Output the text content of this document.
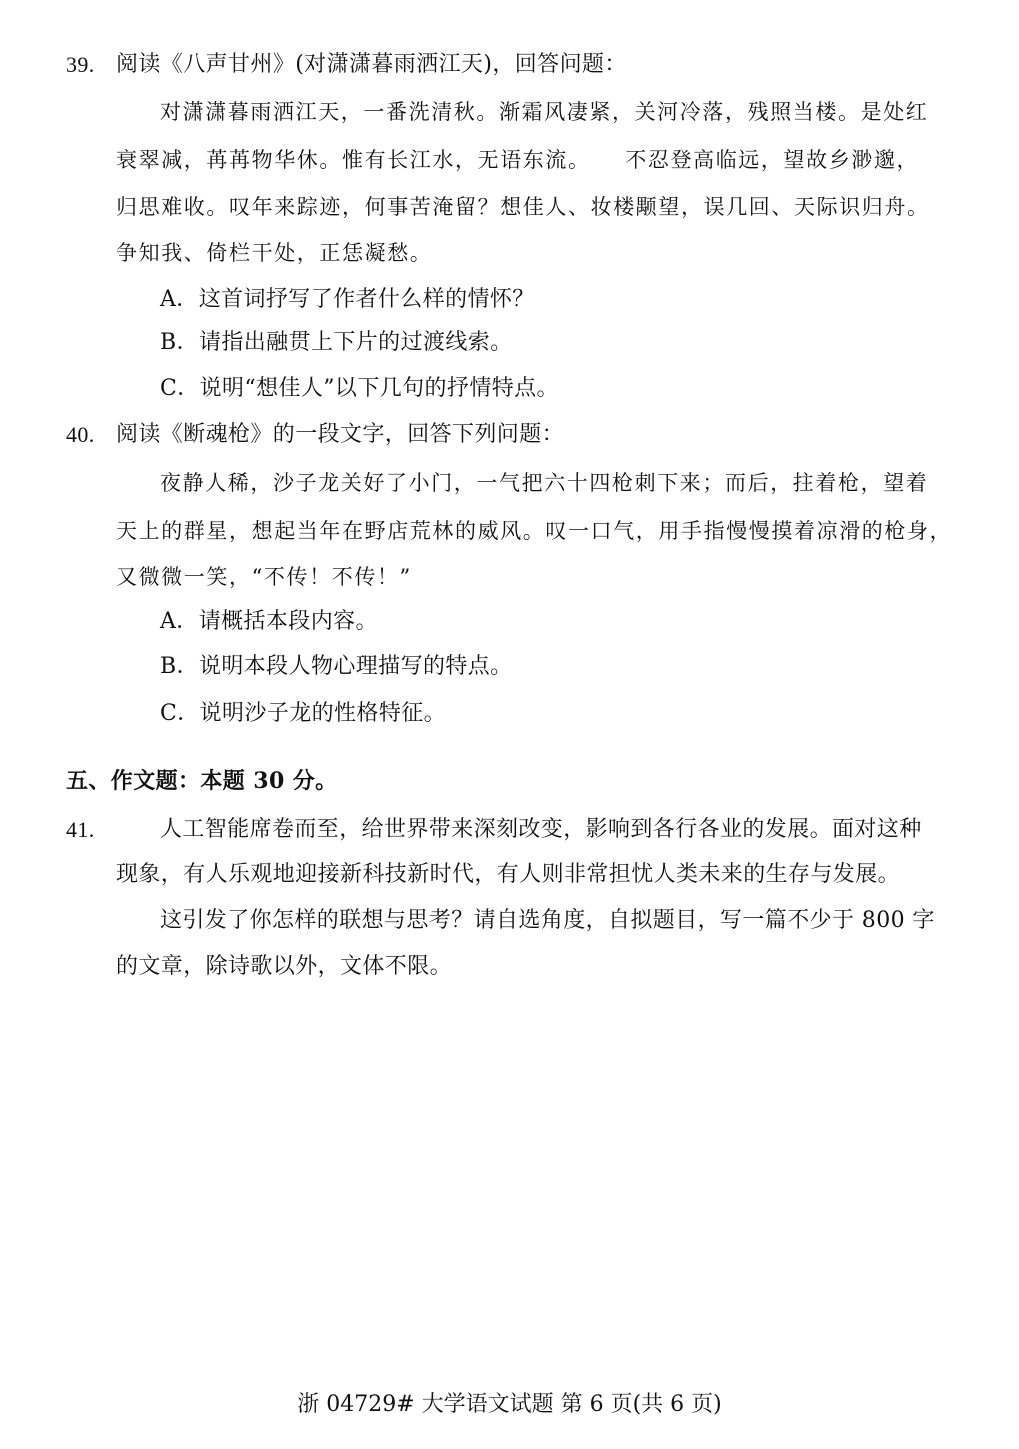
39. 阅读《八声甘州》(对潇潇暮雨洒江天)，回答问题：
对潇潇暮雨洒江天，一番洗清秋。渐霜风凄紧，关河冷落，残照当楼。是处红
衰翠减，苒苒物华休。惟有长江水，无语东流。　　不忍登高临远，望故乡渺邈，
归思难收。叹年来踪迹，何事苦淹留？想佳人、妆楼颙望，误几回、天际识归舟。
争知我、倚栏干处，正恁凝愁。
A．这首词抒写了作者什么样的情怀？
B．请指出融贯上下片的过渡线索。
C．说明“想佳人”以下几句的抒情特点。
40. 阅读《断魂枪》的一段文字，回答下列问题：
夜静人稀，沙子龙关好了小门，一气把六十四枪刺下来；而后，拄着枪，望着
天上的群星，想起当年在野店荒林的威风。叹一口气，用手指慢慢摸着凉滑的枪身，
又微微一笑，“不传！不传！”
A．请概括本段内容。
B．说明本段人物心理描写的特点。
C．说明沙子龙的性格特征。
五、作文题：本题 30 分。
41.	人工智能席卷而至，给世界带来深刻改变，影响到各行各业的发展。面对这种
现象，有人乐观地迎接新科技新时代，有人则非常担忧人类未来的生存与发展。
这引发了你怎样的联想与思考？请自选角度，自拟题目，写一篇不少于 800 字
的文章，除诗歌以外，文体不限。
浙 04729# 大学语文试题 第 6 页(共 6 页)
